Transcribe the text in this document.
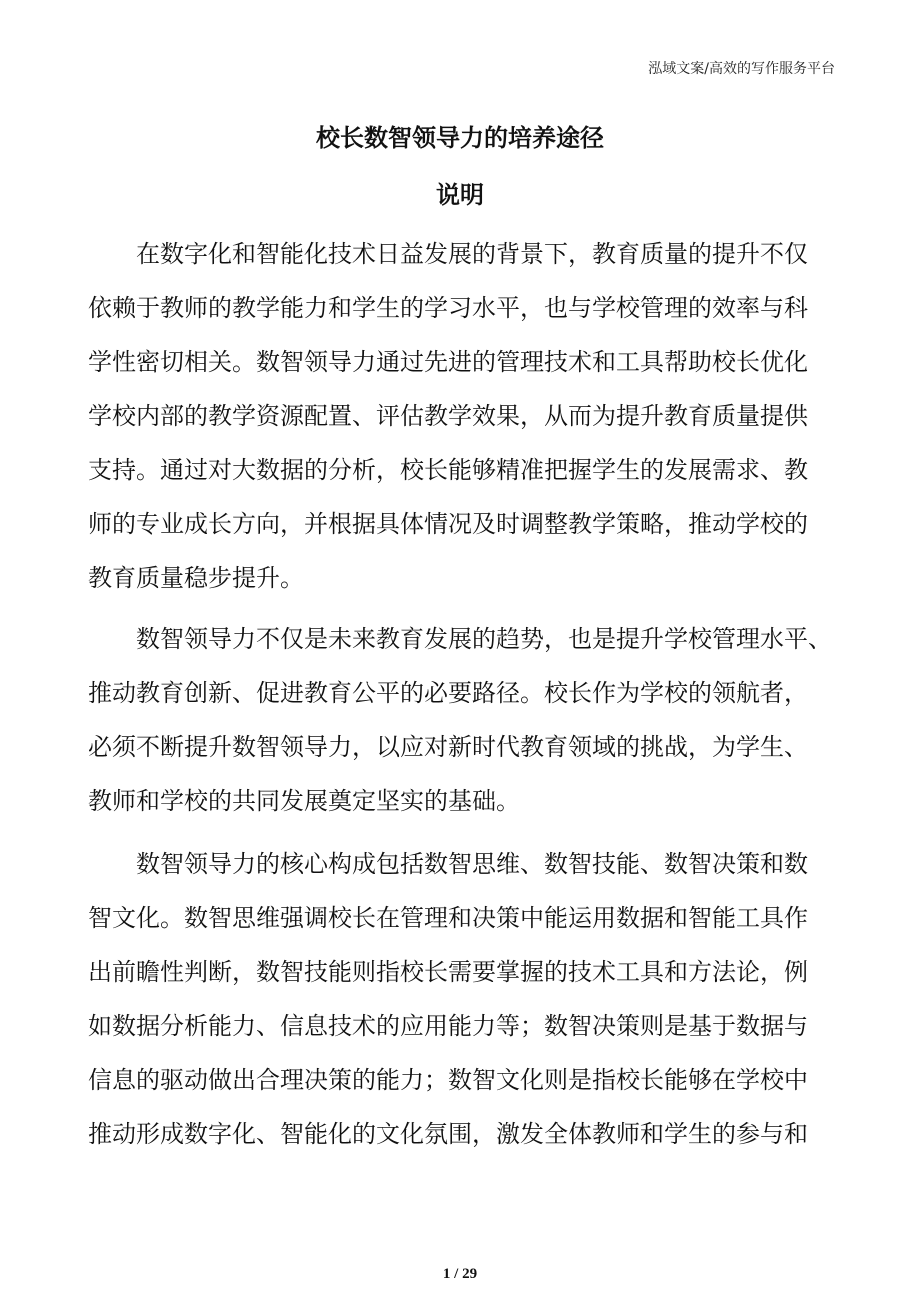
泓域文案/高效的写作服务平台
校长数智领导力的培养途径
说明
在数字化和智能化技术日益发展的背景下，教育质量的提升不仅
依赖于教师的教学能力和学生的学习水平，也与学校管理的效率与科
学性密切相关。数智领导力通过先进的管理技术和工具帮助校长优化
学校内部的教学资源配置、评估教学效果，从而为提升教育质量提供
支持。通过对大数据的分析，校长能够精准把握学生的发展需求、教
师的专业成长方向，并根据具体情况及时调整教学策略，推动学校的
教育质量稳步提升。
数智领导力不仅是未来教育发展的趋势，也是提升学校管理水平、
推动教育创新、促进教育公平的必要路径。校长作为学校的领航者，
必须不断提升数智领导力，以应对新时代教育领域的挑战，为学生、
教师和学校的共同发展奠定坚实的基础。
数智领导力的核心构成包括数智思维、数智技能、数智决策和数
智文化。数智思维强调校长在管理和决策中能运用数据和智能工具作
出前瞻性判断，数智技能则指校长需要掌握的技术工具和方法论，例
如数据分析能力、信息技术的应用能力等；数智决策则是基于数据与
信息的驱动做出合理决策的能力；数智文化则是指校长能够在学校中
推动形成数字化、智能化的文化氛围，激发全体教师和学生的参与和
1 / 29
